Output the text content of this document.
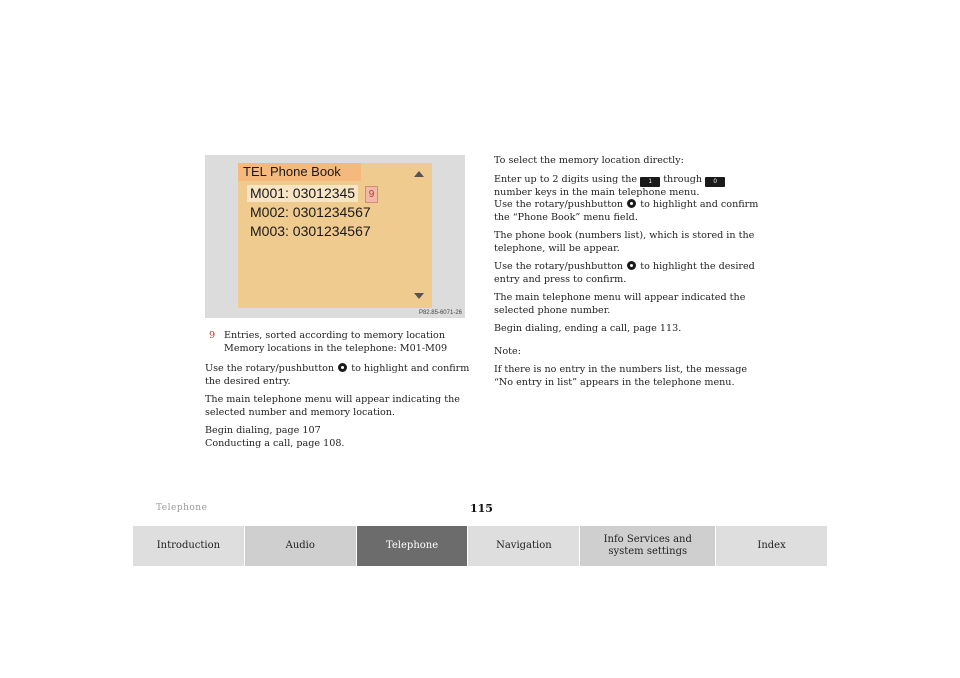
TEL Phone Book
M001: 03012345
M002: 0301234567
M003: 0301234567
9
P82.85-6071-26

9 Entries, sorted according to memory location

Memory locations in the telephone: M01-M09

Use the rotary/pushbutton to highlight and confirm

the desired entry.

The main telephone menu will appear indicating the

selected number and memory location.

Begin dialing, page 107

Conducting a call, page 108.

To select the memory location directly:

Enter up to 2 digits using the 1 through 0

number keys in the main telephone menu.

Use the rotary/pushbutton to highlight and confirm

the “Phone Book” menu field.

The phone book (numbers list), which is stored in the

telephone, will be appear.

Use the rotary/pushbutton to highlight the desired

entry and press to confirm.

The main telephone menu will appear indicated the

selected phone number.

Begin dialing, ending a call, page 113.

Note:

If there is no entry in the numbers list, the message

“No entry in list” appears in the telephone menu.

Telephone	115
Introduction	Audio	Telephone	Navigation
Info Services and system settings
Index
